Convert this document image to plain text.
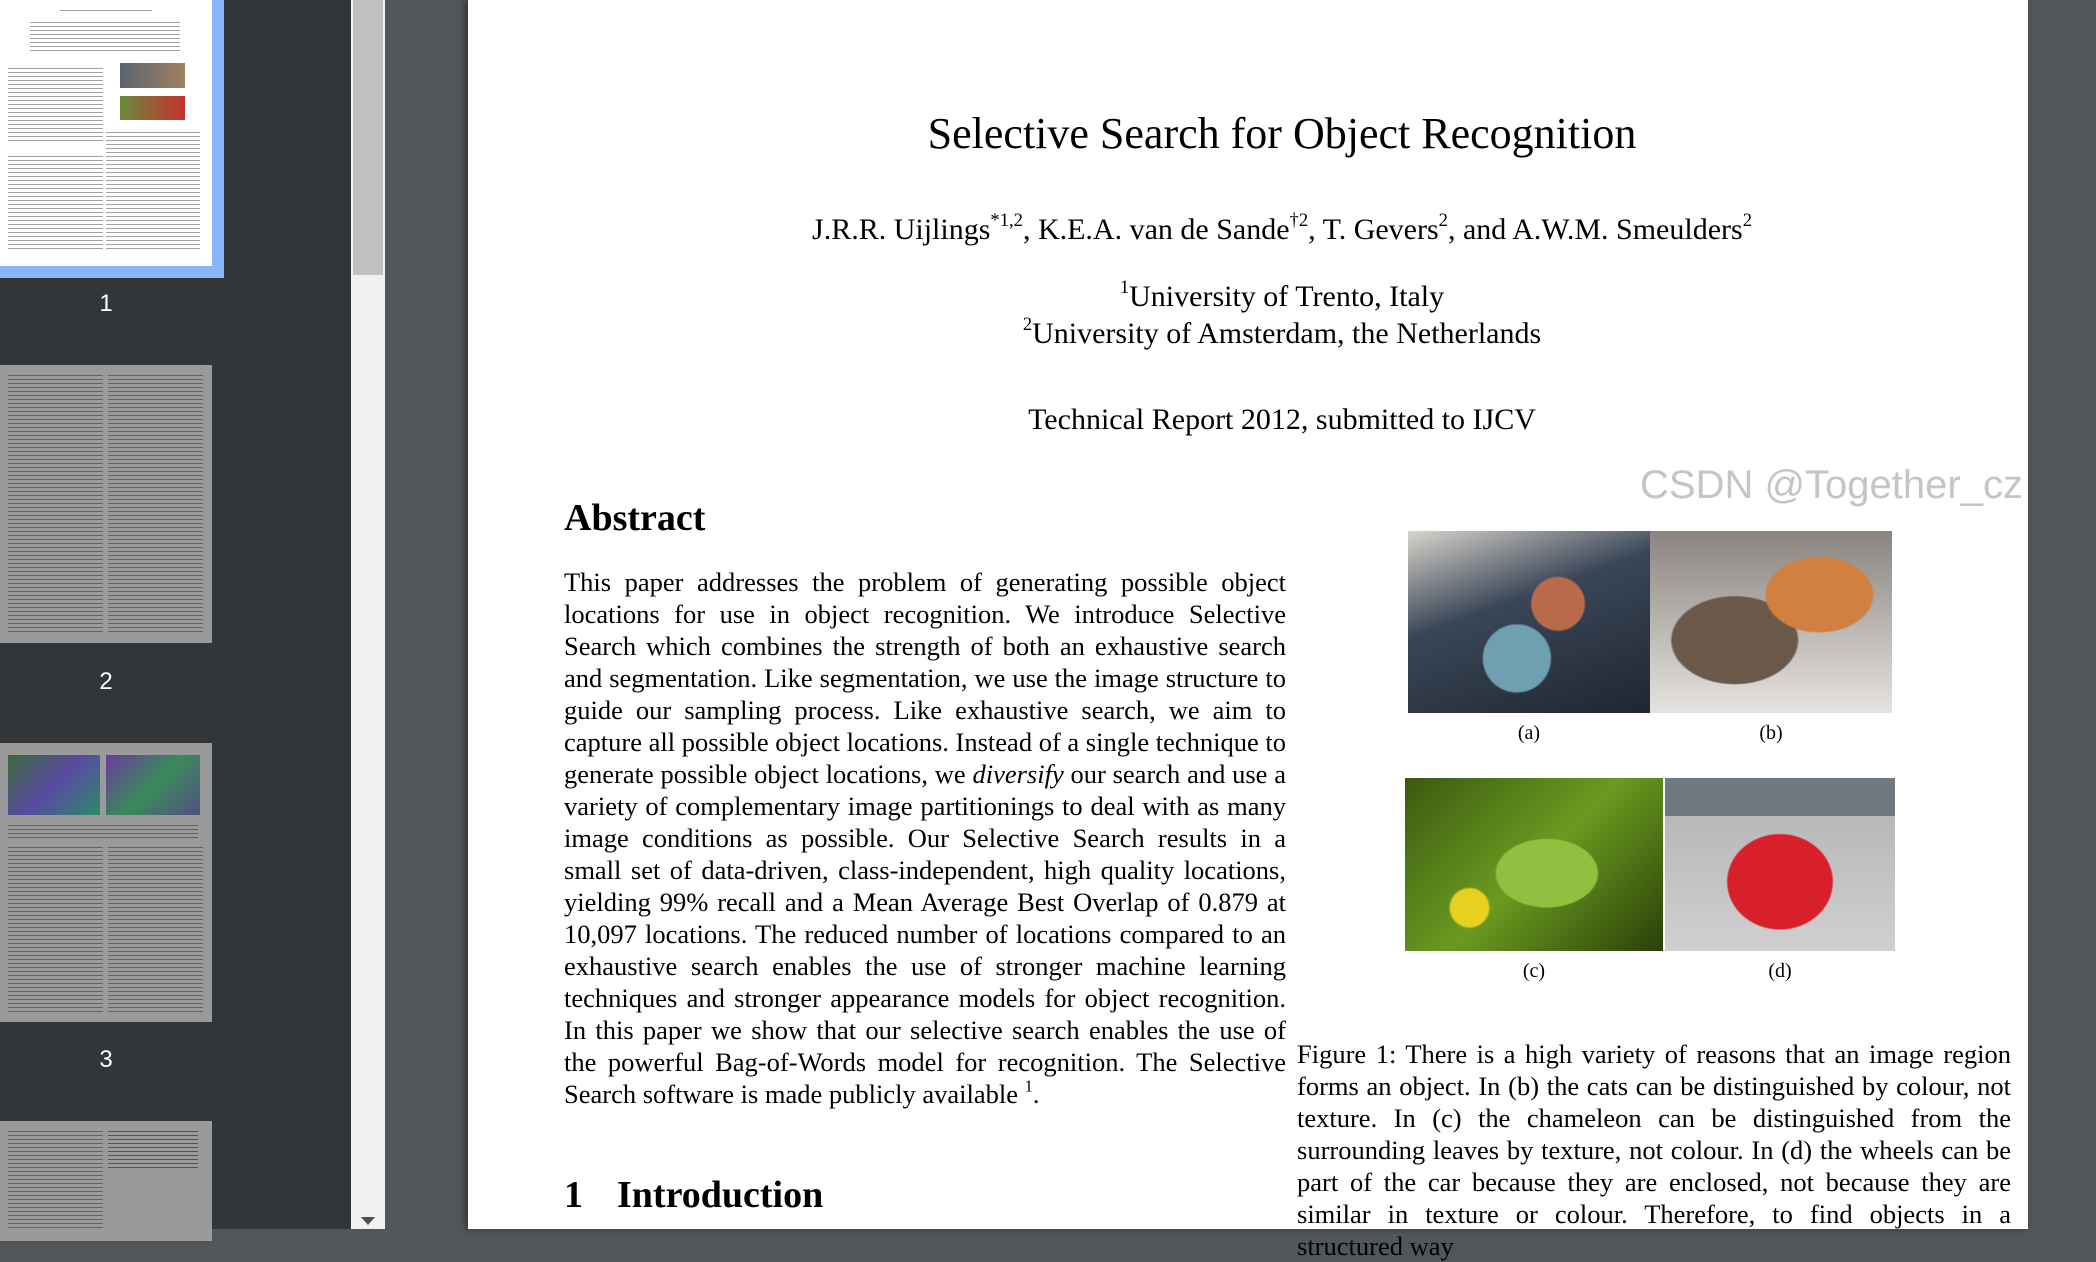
1
2
3
Selective Search for Object Recognition
J.R.R. Uijlings$^{*1,2}$, K.E.A. van de Sande$^{\dagger 2}$, T. Gevers$^2$, and A.W.M. Smeulders$^2$
$^1$University of Trento, Italy
$^2$University of Amsterdam, the Netherlands
Technical Report 2012, submitted to IJCV
Abstract
This paper addresses the problem of generating possible object locations for use in object recognition. We introduce Selective Search which combines the strength of both an exhaustive search and segmentation. Like segmentation, we use the image structure to guide our sampling process. Like exhaustive search, we aim to capture all possible object locations. Instead of a single technique to generate possible object locations, we diversify our search and use a variety of complementary image partitionings to deal with as many image conditions as possible. Our Selective Search results in a small set of data-driven, class-independent, high quality locations, yielding 99% recall and a Mean Average Best Overlap of 0.879 at 10,097 locations. The reduced number of locations compared to an exhaustive search enables the use of stronger machine learning techniques and stronger appearance models for object recognition. In this paper we show that our selective search enables the use of the powerful Bag-of-Words model for recognition. The Selective Search software is made publicly available $^1$.
1 Introduction
(a)	(b)
(c)	(d)
Figure 1: There is a high variety of reasons that an image region forms an object. In (b) the cats can be distinguished by colour, not texture. In (c) the chameleon can be distinguished from the surrounding leaves by texture, not colour. In (d) the wheels can be part of the car because they are enclosed, not because they are similar in texture or colour. Therefore, to find objects in a structured way
CSDN @Together_cz
